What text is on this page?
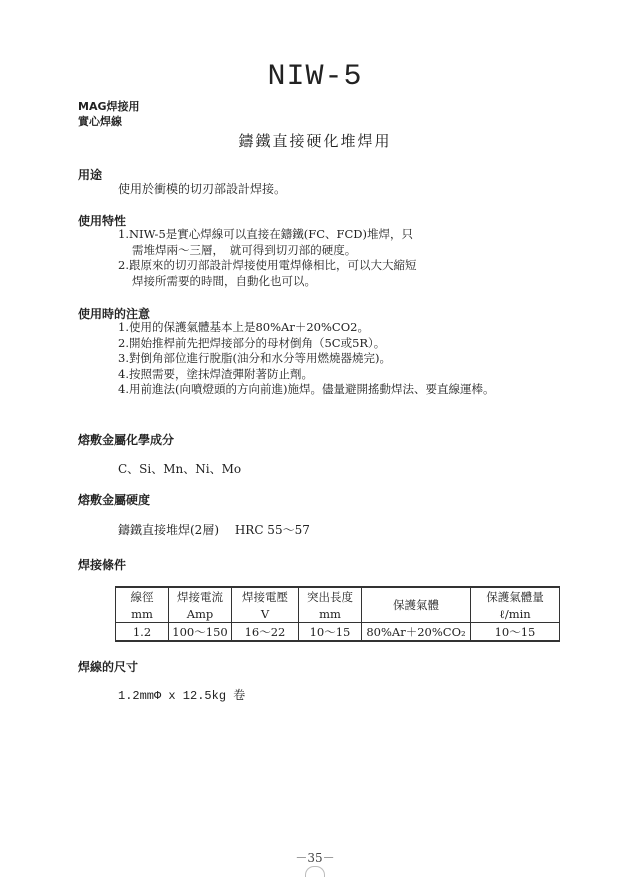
NIW-5
MAG焊接用
實心焊線
鑄鐵直接硬化堆焊用
用途

使用於衝模的切刃部設計焊接。

使用特性
1.NIW-5是實心焊線可以直接在鑄鐵(FC、FCD)堆焊，只需堆焊兩～三層，　就可得到切刃部的硬度。
2.跟原來的切刃部設計焊接使用電焊條相比，可以大大縮短焊接所需要的時間，自動化也可以。
使用時的注意
1.使用的保護氣體基本上是80%Ar＋20%CO2。
2.開始推桿前先把焊接部分的母材倒角（5C或5R）。
3.對倒角部位進行脫脂(油分和水分等用燃燒器燒完)。
4.按照需要，塗抹焊渣彈附著防止劑。
4.用前進法(向噴燈頭的方向前進)施焊。儘量避開搖動焊法、要直線運棒。
熔敷金屬化學成分

C、Si、Mn、Ni、Mo

熔敷金屬硬度

鑄鐵直接堆焊(2層)　 HRC 55～57

焊接條件
線徑	焊接電流	焊接電壓	突出長度	保護氣體	保護氣體量
mm	Amp	V	mm		ℓ/min
1.2	100～150	16～22	10～15	80%Ar＋20%CO₂	10～15
焊線的尺寸

1.2mmΦ x 12.5kg 卷

－35－
